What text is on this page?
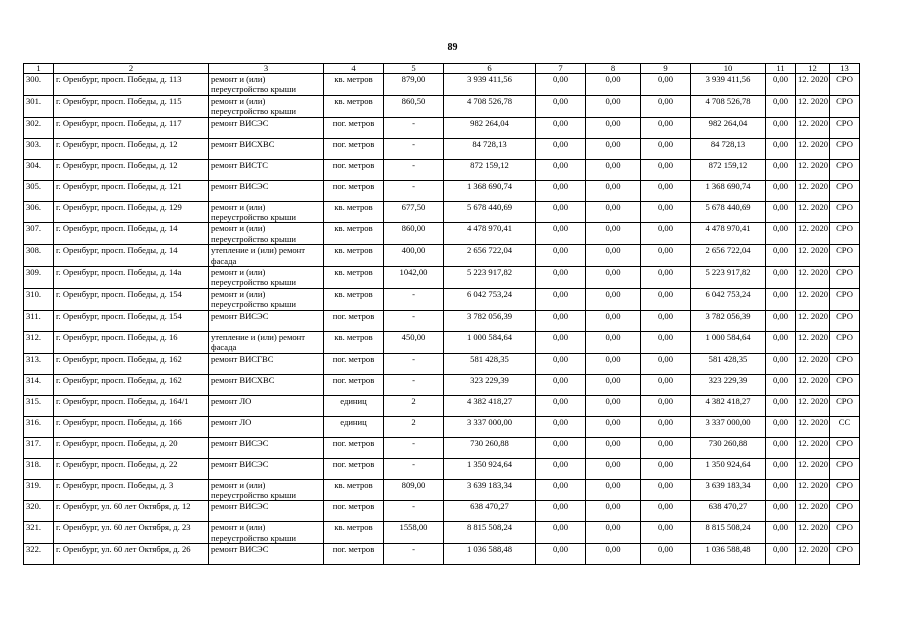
89
1	2	3	4	5	6	7	8	9	10	11	12	13
300.	г. Оренбург, просп. Победы, д. 113	ремонт и (или) переустройство крыши	кв. метров	879,00	3 939 411,56	0,00	0,00	0,00	3 939 411,56	0,00	12. 2020	СРО
301.	г. Оренбург, просп. Победы, д. 115	ремонт и (или) переустройство крыши	кв. метров	860,50	4 708 526,78	0,00	0,00	0,00	4 708 526,78	0,00	12. 2020	СРО
302.	г. Оренбург, просп. Победы, д. 117	ремонт ВИСЭС	пог. метров	-	982 264,04	0,00	0,00	0,00	982 264,04	0,00	12. 2020	СРО
303.	г. Оренбург, просп. Победы, д. 12	ремонт ВИСХВС	пог. метров	-	84 728,13	0,00	0,00	0,00	84 728,13	0,00	12. 2020	СРО
304.	г. Оренбург, просп. Победы, д. 12	ремонт ВИСТС	пог. метров	-	872 159,12	0,00	0,00	0,00	872 159,12	0,00	12. 2020	СРО
305.	г. Оренбург, просп. Победы, д. 121	ремонт ВИСЭС	пог. метров	-	1 368 690,74	0,00	0,00	0,00	1 368 690,74	0,00	12. 2020	СРО
306.	г. Оренбург, просп. Победы, д. 129	ремонт и (или) переустройство крыши	кв. метров	677,50	5 678 440,69	0,00	0,00	0,00	5 678 440,69	0,00	12. 2020	СРО
307.	г. Оренбург, просп. Победы, д. 14	ремонт и (или) переустройство крыши	кв. метров	860,00	4 478 970,41	0,00	0,00	0,00	4 478 970,41	0,00	12. 2020	СРО
308.	г. Оренбург, просп. Победы, д. 14	утепление и (или) ремонт фасада	кв. метров	400,00	2 656 722,04	0,00	0,00	0,00	2 656 722,04	0,00	12. 2020	СРО
309.	г. Оренбург, просп. Победы, д. 14а	ремонт и (или) переустройство крыши	кв. метров	1042,00	5 223 917,82	0,00	0,00	0,00	5 223 917,82	0,00	12. 2020	СРО
310.	г. Оренбург, просп. Победы, д. 154	ремонт и (или) переустройство крыши	кв. метров	-	6 042 753,24	0,00	0,00	0,00	6 042 753,24	0,00	12. 2020	СРО
311.	г. Оренбург, просп. Победы, д. 154	ремонт ВИСЭС	пог. метров	-	3 782 056,39	0,00	0,00	0,00	3 782 056,39	0,00	12. 2020	СРО
312.	г. Оренбург, просп. Победы, д. 16	утепление и (или) ремонт фасада	кв. метров	450,00	1 000 584,64	0,00	0,00	0,00	1 000 584,64	0,00	12. 2020	СРО
313.	г. Оренбург, просп. Победы, д. 162	ремонт ВИСГВС	пог. метров	-	581 428,35	0,00	0,00	0,00	581 428,35	0,00	12. 2020	СРО
314.	г. Оренбург, просп. Победы, д. 162	ремонт ВИСХВС	пог. метров	-	323 229,39	0,00	0,00	0,00	323 229,39	0,00	12. 2020	СРО
315.	г. Оренбург, просп. Победы, д. 164/1	ремонт ЛО	единиц	2	4 382 418,27	0,00	0,00	0,00	4 382 418,27	0,00	12. 2020	СРО
316.	г. Оренбург, просп. Победы, д. 166	ремонт ЛО	единиц	2	3 337 000,00	0,00	0,00	0,00	3 337 000,00	0,00	12. 2020	СС
317.	г. Оренбург, просп. Победы, д. 20	ремонт ВИСЭС	пог. метров	-	730 260,88	0,00	0,00	0,00	730 260,88	0,00	12. 2020	СРО
318.	г. Оренбург, просп. Победы, д. 22	ремонт ВИСЭС	пог. метров	-	1 350 924,64	0,00	0,00	0,00	1 350 924,64	0,00	12. 2020	СРО
319.	г. Оренбург, просп. Победы, д. 3	ремонт и (или) переустройство крыши	кв. метров	809,00	3 639 183,34	0,00	0,00	0,00	3 639 183,34	0,00	12. 2020	СРО
320.	г. Оренбург, ул. 60 лет Октября, д. 12	ремонт ВИСЭС	пог. метров	-	638 470,27	0,00	0,00	0,00	638 470,27	0,00	12. 2020	СРО
321.	г. Оренбург, ул. 60 лет Октября, д. 23	ремонт и (или) переустройство крыши	кв. метров	1558,00	8 815 508,24	0,00	0,00	0,00	8 815 508,24	0,00	12. 2020	СРО
322.	г. Оренбург, ул. 60 лет Октября, д. 26	ремонт ВИСЭС	пог. метров	-	1 036 588,48	0,00	0,00	0,00	1 036 588,48	0,00	12. 2020	СРО
